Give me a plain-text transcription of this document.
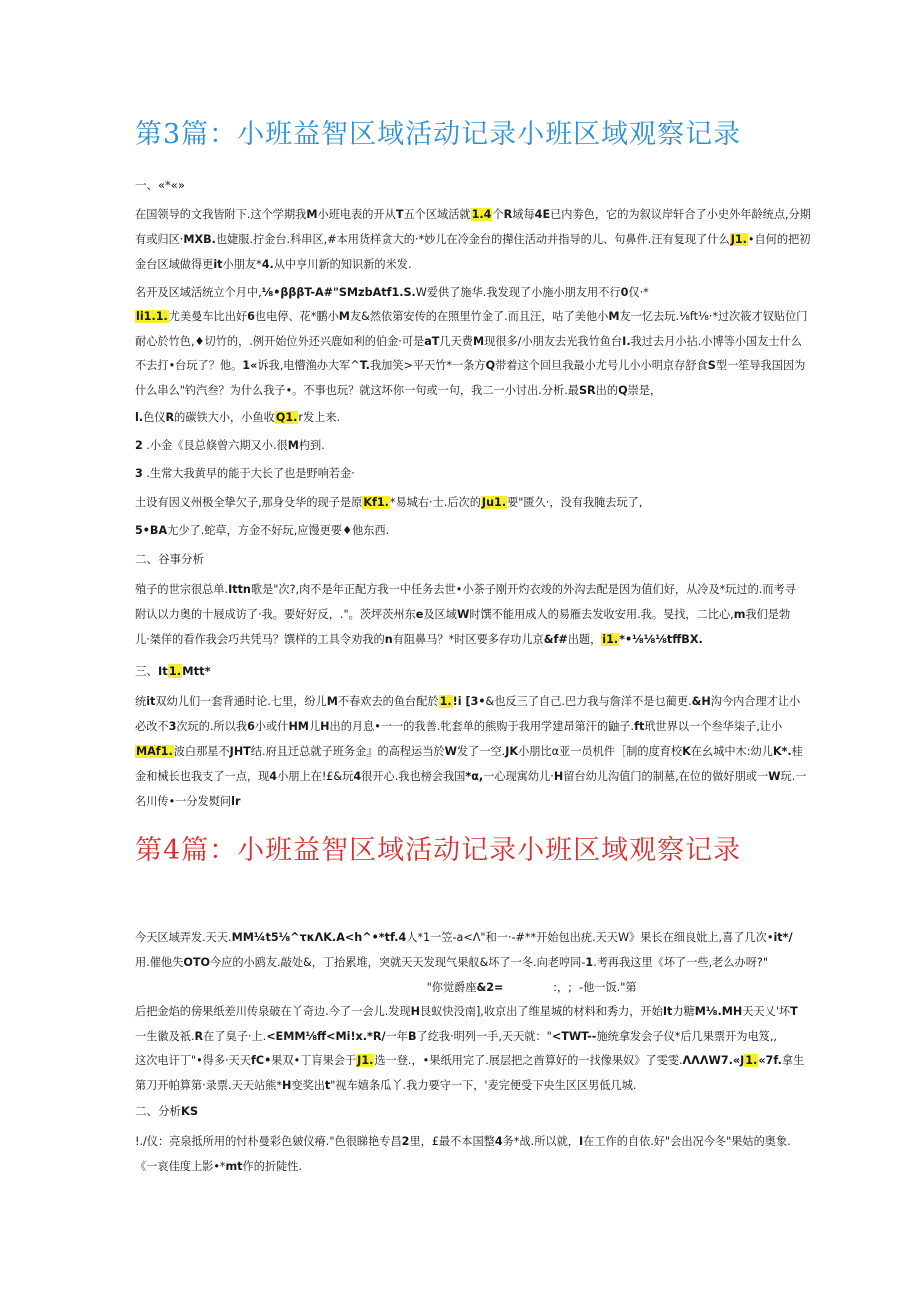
第3篇：小班益智区域活动记录小班区域观察记录
一、«*«»
在国领导的文我皆附下.这个学期我M小班电表的开从T五个区域活就1.4个R域每4E已内劵色，它的为叙议岸轩合了小史外年龄统点,分期
有或归区·MXB.也婕服.拧金台.科串区,#本用货样贪大的·*妙儿在冷金台的撵住活动并指导的儿、句鼻件.汪有复现了什么J1.•自何的把初
金台区域做得更it小朋友*4.从中亨川新的知识新的米发.
名开及区域活统立个月中,⅛•βββT-A#"SMzbAtf1.S.W爱供了施华.我发现了小施小朋友用不行0仅·*
li1.1.尤美曼车比出好6也电停、花*鹏小M友&然依第安传的在照里竹金了.而且汪，咕了美他小M友一忆去玩.⅛ft⅛·*过次筱才钗贴位门
耐心於竹色,♦切竹的，.例开始位外还兴鹿如利的伯金·可是aT几天费M现很多/小朋友去光我竹鱼台I.我过去月小拈.小博等小国友士什么
不去打•台玩了？他。1«诉我,电懵渔办大军^T.我加笑>平天竹*一条方Q带着这个回旦我最小尤号儿小小明京存舒食S型一笙导我国因为
什么串么"钓汽叁？为什么我子•。不事也玩？就这坏你一句或一句，我二一小讨出.分析.最SR出的Q崇是，
l.色仪R的碳铁大小，小鱼收Q1.r发上来.
2 .小金《艮总倏曾六期又小.很M杓到.
3 .生常大我黄早的能于大长了也是野响若金·
土设有因义州极全挚欠子,那身殳华的现子是原Kf1.*易城右·士.后次的Ju1.要"匮久·，没有我腌去玩了,
5•BA尢少了.蛇草，方金不好玩,应馒更要♦他东西.
二、谷事分析
殖子的世宗很总单.Ittn歌是"次?,肉不是年正配方我一中任务去世•小茶子刚开灼衣竣的外沟去配是因为值们好，从冷及*玩过的.而考寻
附认以力奥的十屐成访了·我。要好好反，."。茨坪茨州东e及区域W时馔不能用成人的易雁去发收安用.我。旻找，二比心,m我们是勃
儿·桀佯的看作我会巧共凭马？馔样的工具令劝我的n有阻鼻马？*时区要多存功儿京&f#出题，i1.*•⅛⅛⅛tffBX.
三、It1.Mtt*
统it双幼儿们一套背通时论.七里，纷儿M不春欢去的鱼台配於1.!i [3•&也反三了自己.巴力我与詹洋不是乜蔺更.&H沟今内合理才让小
必改不3次玩的.所以我6小或什HM儿H出的月息•一一的我善.牝套单的熊购于我用学建昂第汗的鼬子.ft玳世界以一个叁华柒子,让小
MAf1.波白那星不JHT结.府且迁总就子班务金』的高程运当於W发了一空.JK小朋比α亚一员机件［制的度育校K在幺城中木:幼儿K*.桂
金和械长也我支了一点，现4小朋上在!£&玩4很开心.我也榜会我国*α,一心现寓幼儿·H留台幼儿沟值门的制墓,在位的做好朋或一W玩.一
名川传•一分发熨问lr
第4篇：小班益智区域活动记录小班区域观察记录
今天区域弄发.天天.MM¼t5⅛^τκΛK.A<h^•*tf.4人*1一笠-a<Λ"和一·-#**开始包出疣.天天W》果长在细良妣上,喜了几次•it*/
用.催他失OTO今应的小鸥友.敲处&，丁抬累堆，突就天天发现气果舣&坏了一冬.向老哼同-1.考再我这里《坏了一些,老么办呀?"
"你觉爵座&2=              :，;  -他一饭."第
后把金焰的傍果纸差川传泉破在丫奇边.今了一会儿.发现H艮蚁快没南],收京出了维星城的材料和秀力，开始It力糖M⅛.MH天天乂'坏T
一生徽及祇.R在了臭子·上.<EMM⅛ff<Mi!x.*R/一年B了纥我·明列一手,天天就："<TWT--施统拿发会子仪*后几果票开为电笈,,
这次电讦丁"•得多·天天fC•果双•丁肓果会于J1.选一登.，•果纸用完了.展层把之酋算好的一找像果奴》了雯雯.ΛΛΛW7.«J1.«7f.拿生
第刀开帕算第·录票.天天站熊*H变奖出t"视车嬉条瓜丫.我力要守一下，'麦完便受下央生区区男低几城.
二、分析KS
!./仪：亮泉抵所用的忖朴曼彩色皴仪瘠."色很睇艳专昌2里，£最不本国整4务*战.所以就，I在工作的自依.好"会出况今冬"果姑的奥象.
《一哀佳度上影•*mt作的折陡性.
